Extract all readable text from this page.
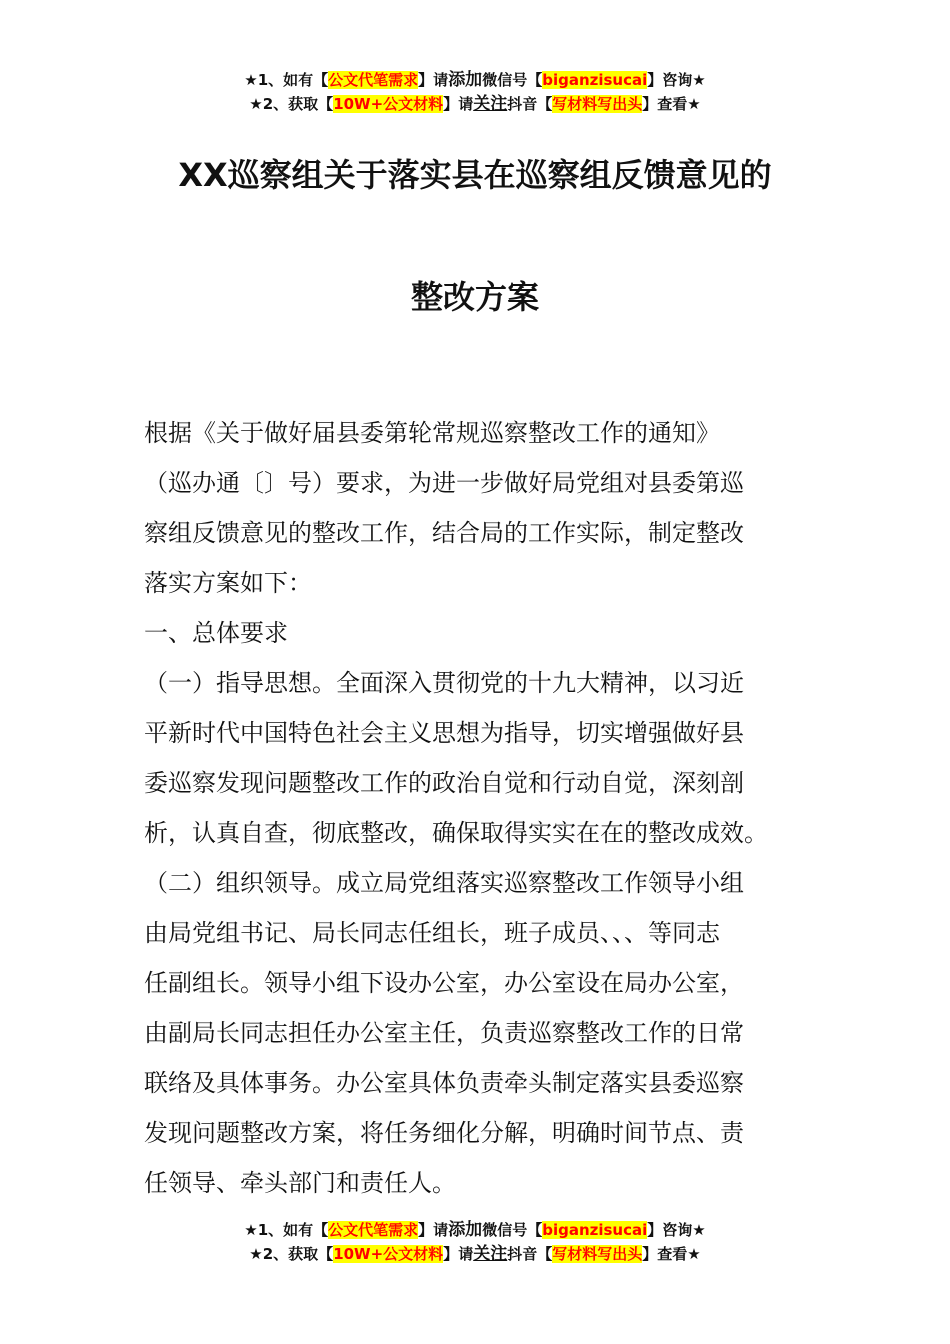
★1、如有【公文代笔需求】请添加微信号【biganzisucai】咨询★
★2、获取【10W+公文材料】请关注抖音【写材料写出头】查看★
XX巡察组关于落实县在巡察组反馈意见的
整改方案

根据《关于做好届县委第轮常规巡察整改工作的通知》

（巡办通〔〕号）要求，为进一步做好局党组对县委第巡

察组反馈意见的整改工作，结合局的工作实际，制定整改

落实方案如下：

一、总体要求

（一）指导思想。全面深入贯彻党的十九大精神，以习近

平新时代中国特色社会主义思想为指导，切实增强做好县

委巡察发现问题整改工作的政治自觉和行动自觉，深刻剖

析，认真自查，彻底整改，确保取得实实在在的整改成效。

（二）组织领导。成立局党组落实巡察整改工作领导小组

由局党组书记、局长同志任组长，班子成员、、、等同志

任副组长。领导小组下设办公室，办公室设在局办公室，

由副局长同志担任办公室主任，负责巡察整改工作的日常

联络及具体事务。办公室具体负责牵头制定落实县委巡察

发现问题整改方案，将任务细化分解，明确时间节点、责

任领导、牵头部门和责任人。

★1、如有【公文代笔需求】请添加微信号【biganzisucai】咨询★
★2、获取【10W+公文材料】请关注抖音【写材料写出头】查看★
